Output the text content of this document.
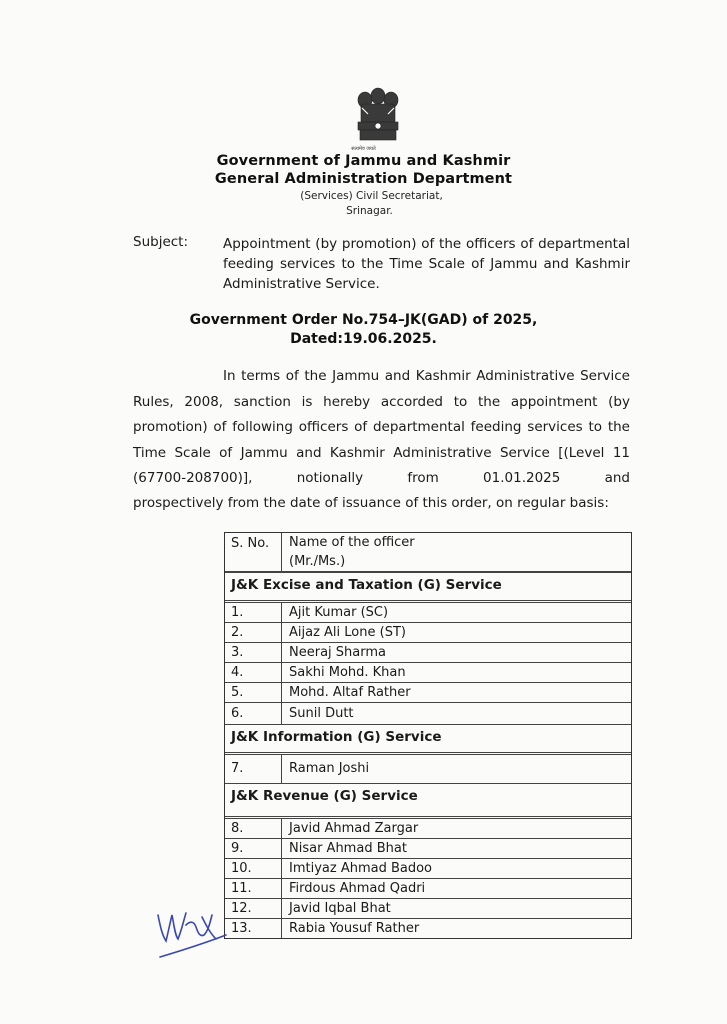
सत्यमेव जयते
Government of Jammu and Kashmir
General Administration Department
(Services) Civil Secretariat,
Srinagar.
Subject:	Appointment (by promotion) of the officers of departmental feeding services to the Time Scale of Jammu and Kashmir Administrative Service.
Government Order No.754–JK(GAD) of 2025,
Dated:19.06.2025.
In terms of the Jammu and Kashmir Administrative Service Rules, 2008, sanction is hereby accorded to the appointment (by promotion) of following officers of departmental feeding services to the Time Scale of Jammu and Kashmir Administrative Service [(Level 11 (67700-208700)], notionally from 01.01.2025 and
prospectively from the date of issuance of this order, on regular basis:
S. No.	Name of the officer
(Mr./Ms.)
J&K Excise and Taxation (G) Service
1.	Ajit Kumar (SC)
2.	Aijaz Ali Lone (ST)
3.	Neeraj Sharma
4.	Sakhi Mohd. Khan
5.	Mohd. Altaf Rather
6.	Sunil Dutt
J&K Information (G) Service
7.	Raman Joshi
J&K Revenue (G) Service
8.	Javid Ahmad Zargar
9.	Nisar Ahmad Bhat
10.	Imtiyaz Ahmad Badoo
11.	Firdous Ahmad Qadri
12.	Javid Iqbal Bhat
13.	Rabia Yousuf Rather
